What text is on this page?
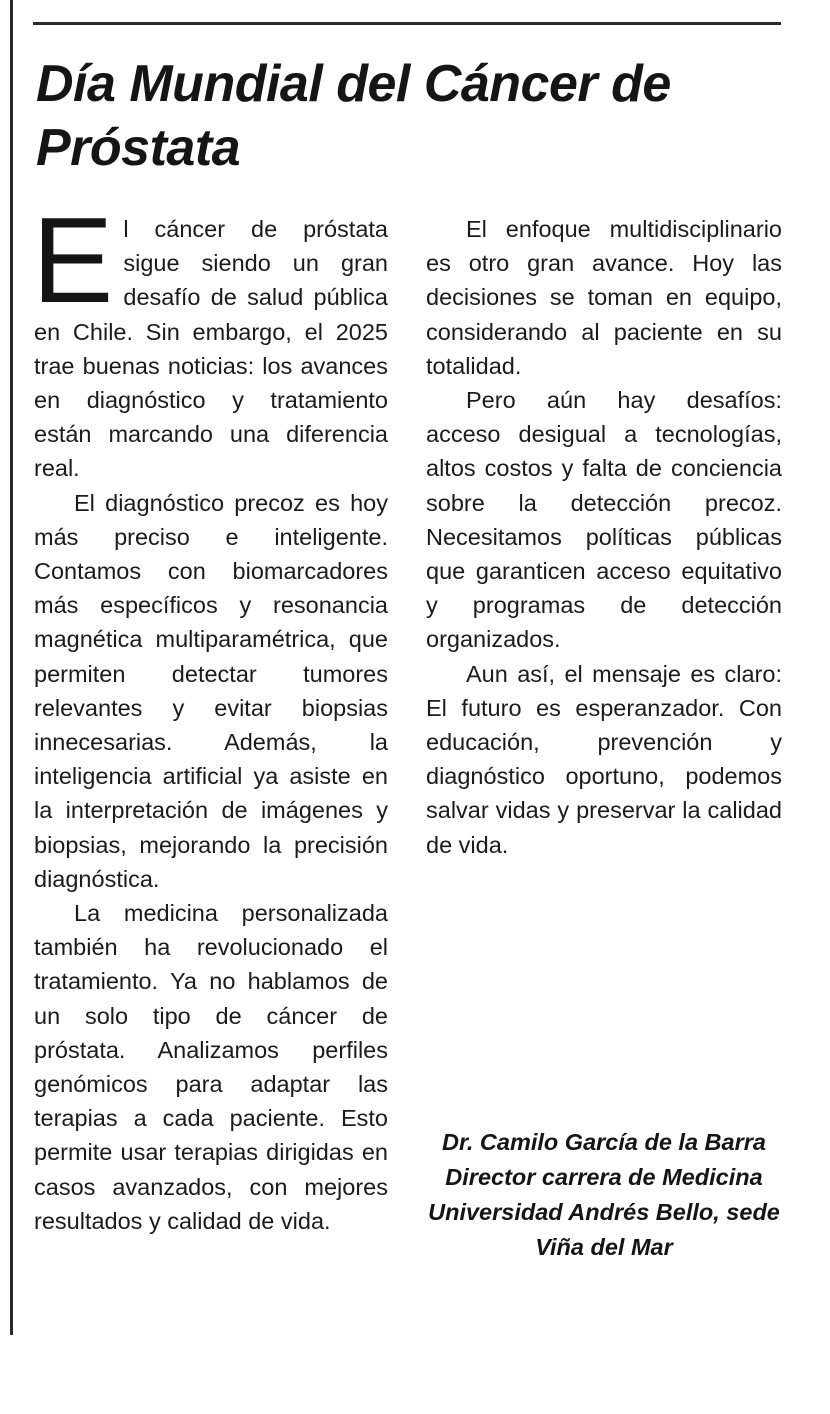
Día Mundial del Cáncer de Próstata

El cáncer de próstata sigue siendo un gran desafío de salud pública en Chile. Sin embargo, el 2025 trae buenas noticias: los avances en diagnóstico y tratamiento están marcando una diferencia real.

El diagnóstico precoz es hoy más preciso e inteligente. Contamos con biomarcadores más específicos y resonancia magnética multiparamétrica, que permiten detectar tumores relevantes y evitar biopsias innecesarias. Además, la inteligencia artificial ya asiste en la interpretación de imágenes y biopsias, mejorando la precisión diagnóstica.

La medicina personalizada también ha revolucionado el tratamiento. Ya no hablamos de un solo tipo de cáncer de próstata. Analizamos perfiles genómicos para adaptar las terapias a cada paciente. Esto permite usar terapias dirigidas en casos avanzados, con mejores resultados y calidad de vida.

El enfoque multidisciplinario es otro gran avance. Hoy las decisiones se toman en equipo, considerando al paciente en su totalidad.

Pero aún hay desafíos: acceso desigual a tecnologías, altos costos y falta de conciencia sobre la detección precoz. Necesitamos políticas públicas que garanticen acceso equitativo y programas de detección organizados.

Aun así, el mensaje es claro: El futuro es esperanzador. Con educación, prevención y diagnóstico oportuno, podemos salvar vidas y preservar la calidad de vida.

Dr. Camilo García de la Barra
Director carrera de Medicina Universidad Andrés Bello, sede Viña del Mar
